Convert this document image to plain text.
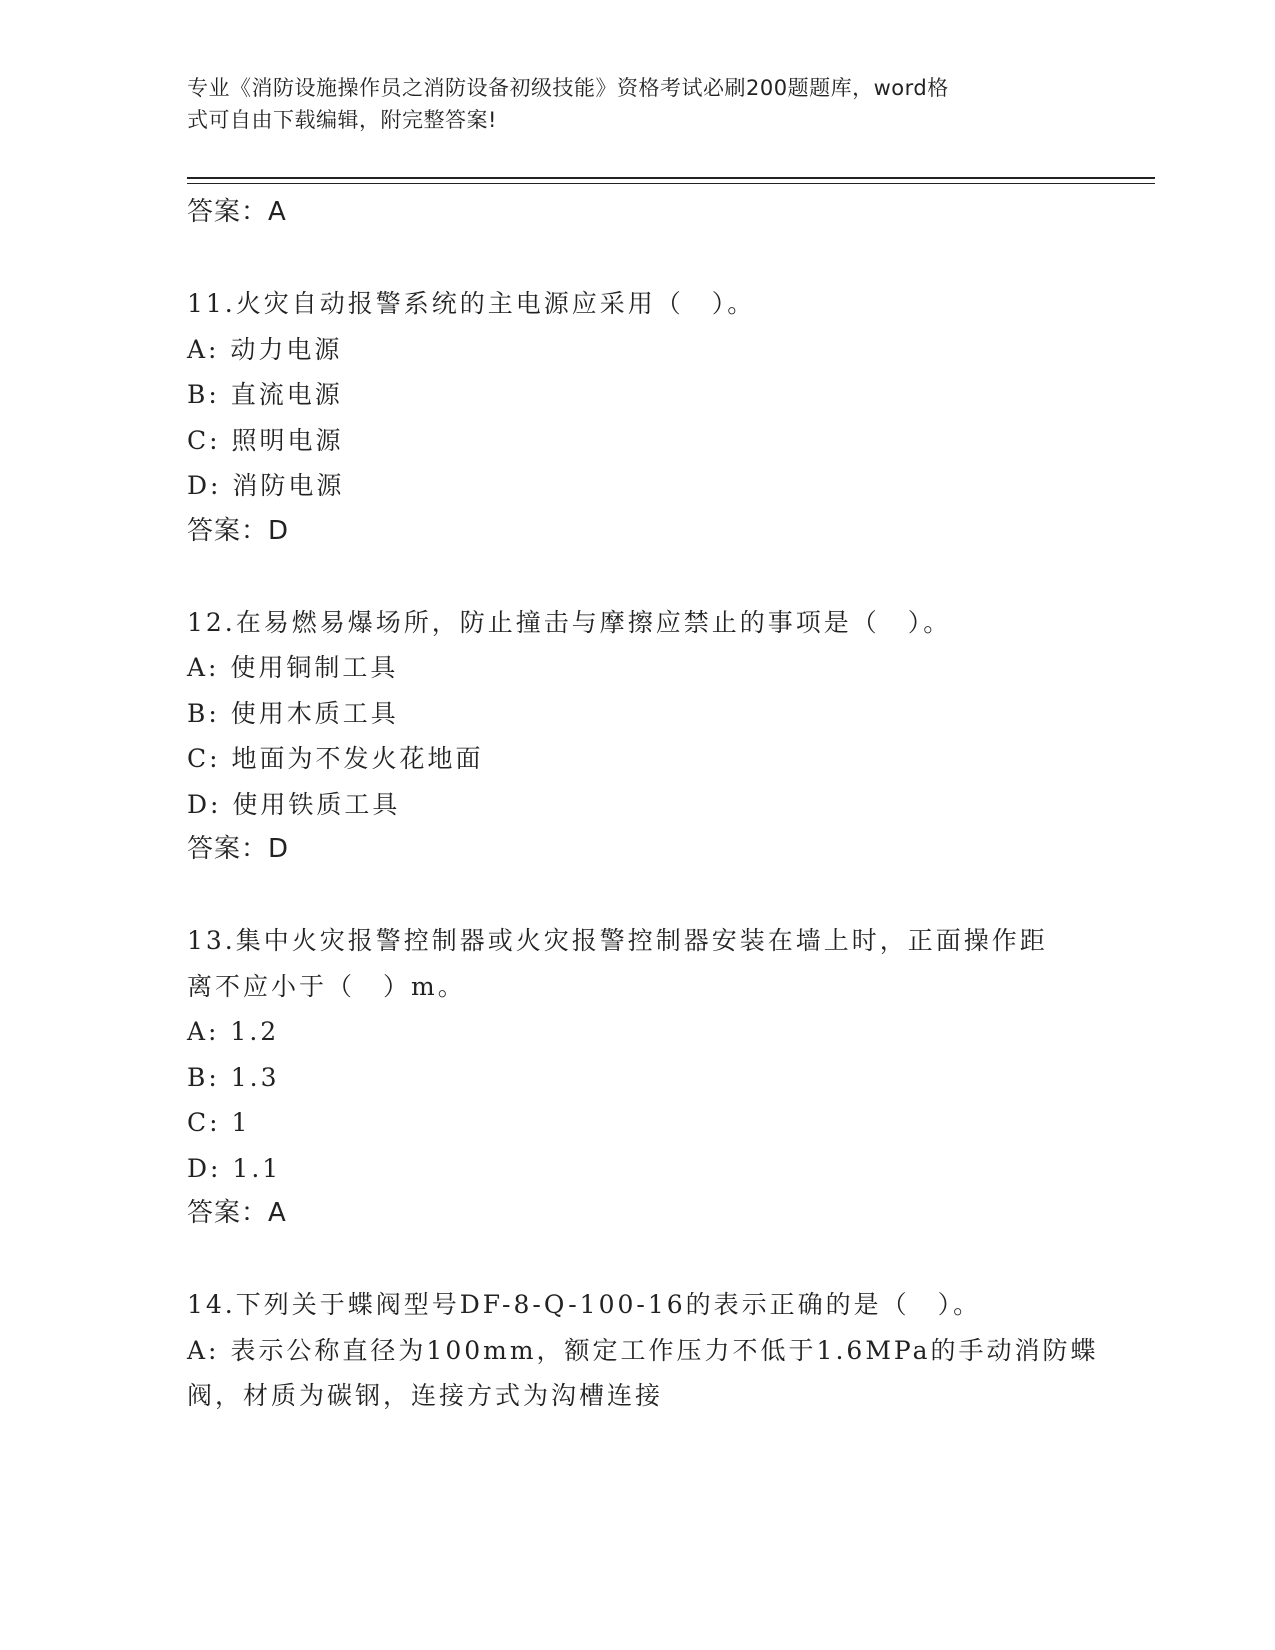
专业《消防设施操作员之消防设备初级技能》资格考试必刷200题题库，word格
式可自由下载编辑，附完整答案!
答案：A
11.火灾自动报警系统的主电源应采用（　）。
A: 动力电源
B: 直流电源
C: 照明电源
D: 消防电源
答案：D
12.在易燃易爆场所，防止撞击与摩擦应禁止的事项是（　）。
A: 使用铜制工具
B: 使用木质工具
C: 地面为不发火花地面
D: 使用铁质工具
答案：D
13.集中火灾报警控制器或火灾报警控制器安装在墙上时，正面操作距
离不应小于（　）m。
A: 1.2
B: 1.3
C: 1
D: 1.1
答案：A
14.下列关于蝶阀型号DF-8-Q-100-16的表示正确的是（　）。
A: 表示公称直径为100mm，额定工作压力不低于1.6MPa的手动消防蝶
阀，材质为碳钢，连接方式为沟槽连接
